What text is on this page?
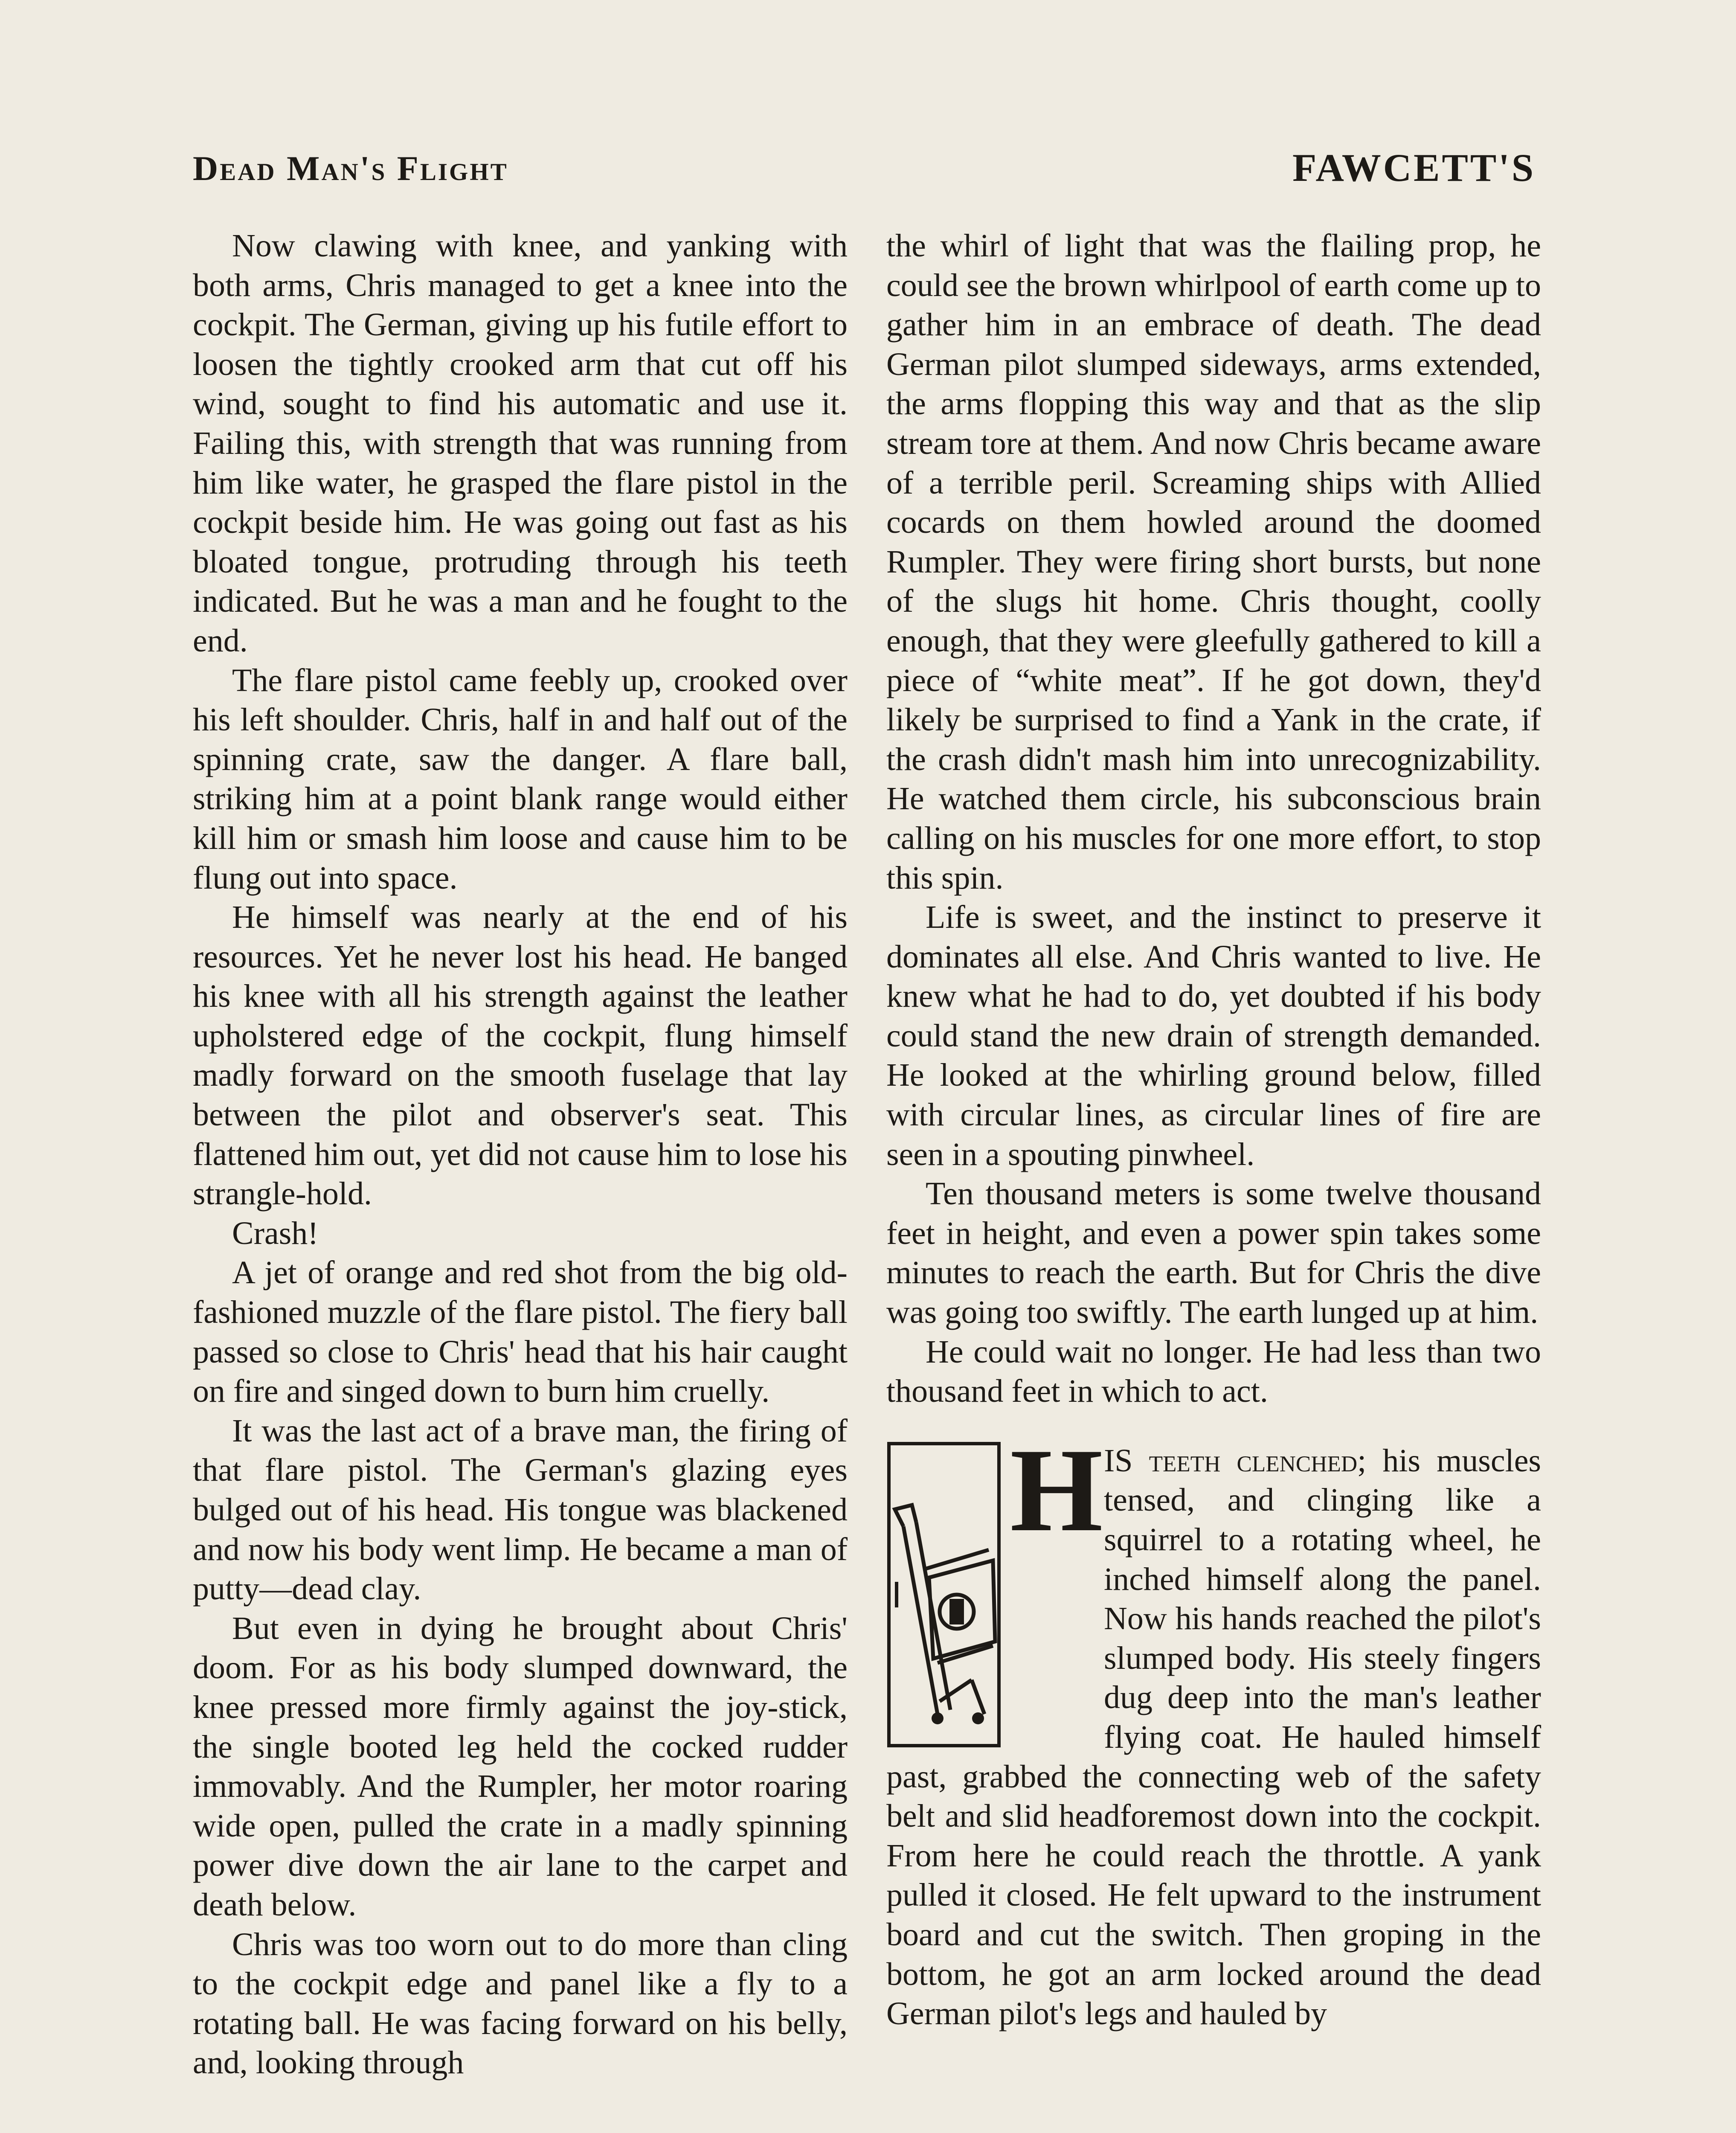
Dead Man's Flight	FAWCETT'S

Now clawing with knee, and yanking with both arms, Chris managed to get a knee into the cockpit. The German, giving up his futile effort to loosen the tightly crooked arm that cut off his wind, sought to find his automatic and use it. Failing this, with strength that was running from him like water, he grasped the flare pistol in the cockpit beside him. He was going out fast as his bloated tongue, protruding through his teeth indicated. But he was a man and he fought to the end.

The flare pistol came feebly up, crooked over his left shoulder. Chris, half in and half out of the spinning crate, saw the danger. A flare ball, striking him at a point blank range would either kill him or smash him loose and cause him to be flung out into space.

He himself was nearly at the end of his resources. Yet he never lost his head. He banged his knee with all his strength against the leather upholstered edge of the cockpit, flung himself madly forward on the smooth fuselage that lay between the pilot and observer's seat. This flattened him out, yet did not cause him to lose his strangle-hold.

Crash!

A jet of orange and red shot from the big old-fashioned muzzle of the flare pistol. The fiery ball passed so close to Chris' head that his hair caught on fire and singed down to burn him cruelly.

It was the last act of a brave man, the firing of that flare pistol. The German's glazing eyes bulged out of his head. His tongue was blackened and now his body went limp. He became a man of putty—dead clay.

But even in dying he brought about Chris' doom. For as his body slumped downward, the knee pressed more firmly against the joy-stick, the single booted leg held the cocked rudder immovably. And the Rumpler, her motor roaring wide open, pulled the crate in a madly spinning power dive down the air lane to the carpet and death below.

Chris was too worn out to do more than cling to the cockpit edge and panel like a fly to a rotating ball. He was facing forward on his belly, and, looking through

the whirl of light that was the flailing prop, he could see the brown whirlpool of earth come up to gather him in an embrace of death. The dead German pilot slumped sideways, arms extended, the arms flopping this way and that as the slip stream tore at them. And now Chris became aware of a terrible peril. Screaming ships with Allied cocards on them howled around the doomed Rumpler. They were firing short bursts, but none of the slugs hit home. Chris thought, coolly enough, that they were gleefully gathered to kill a piece of “white meat”. If he got down, they'd likely be surprised to find a Yank in the crate, if the crash didn't mash him into unrecognizability. He watched them circle, his subconscious brain calling on his muscles for one more effort, to stop this spin.

Life is sweet, and the instinct to preserve it dominates all else. And Chris wanted to live. He knew what he had to do, yet doubted if his body could stand the new drain of strength demanded. He looked at the whirling ground below, filled with circular lines, as circular lines of fire are seen in a spouting pinwheel.

Ten thousand meters is some twelve thousand feet in height, and even a power spin takes some minutes to reach the earth. But for Chris the dive was going too swiftly. The earth lunged up at him.

He could wait no longer. He had less than two thousand feet in which to act.

H IS teeth clenched; his muscles tensed, and clinging like a squirrel to a rotating wheel, he inched himself along the panel. Now his hands reached the pilot's slumped body. His steely fingers dug deep into the man's leather flying coat. He hauled himself past, grabbed the connecting web of the safety belt and slid headforemost down into the cockpit. From here he could reach the throttle. A yank pulled it closed. He felt upward to the instrument board and cut the switch. Then groping in the bottom, he got an arm locked around the dead German pilot's legs and hauled by
